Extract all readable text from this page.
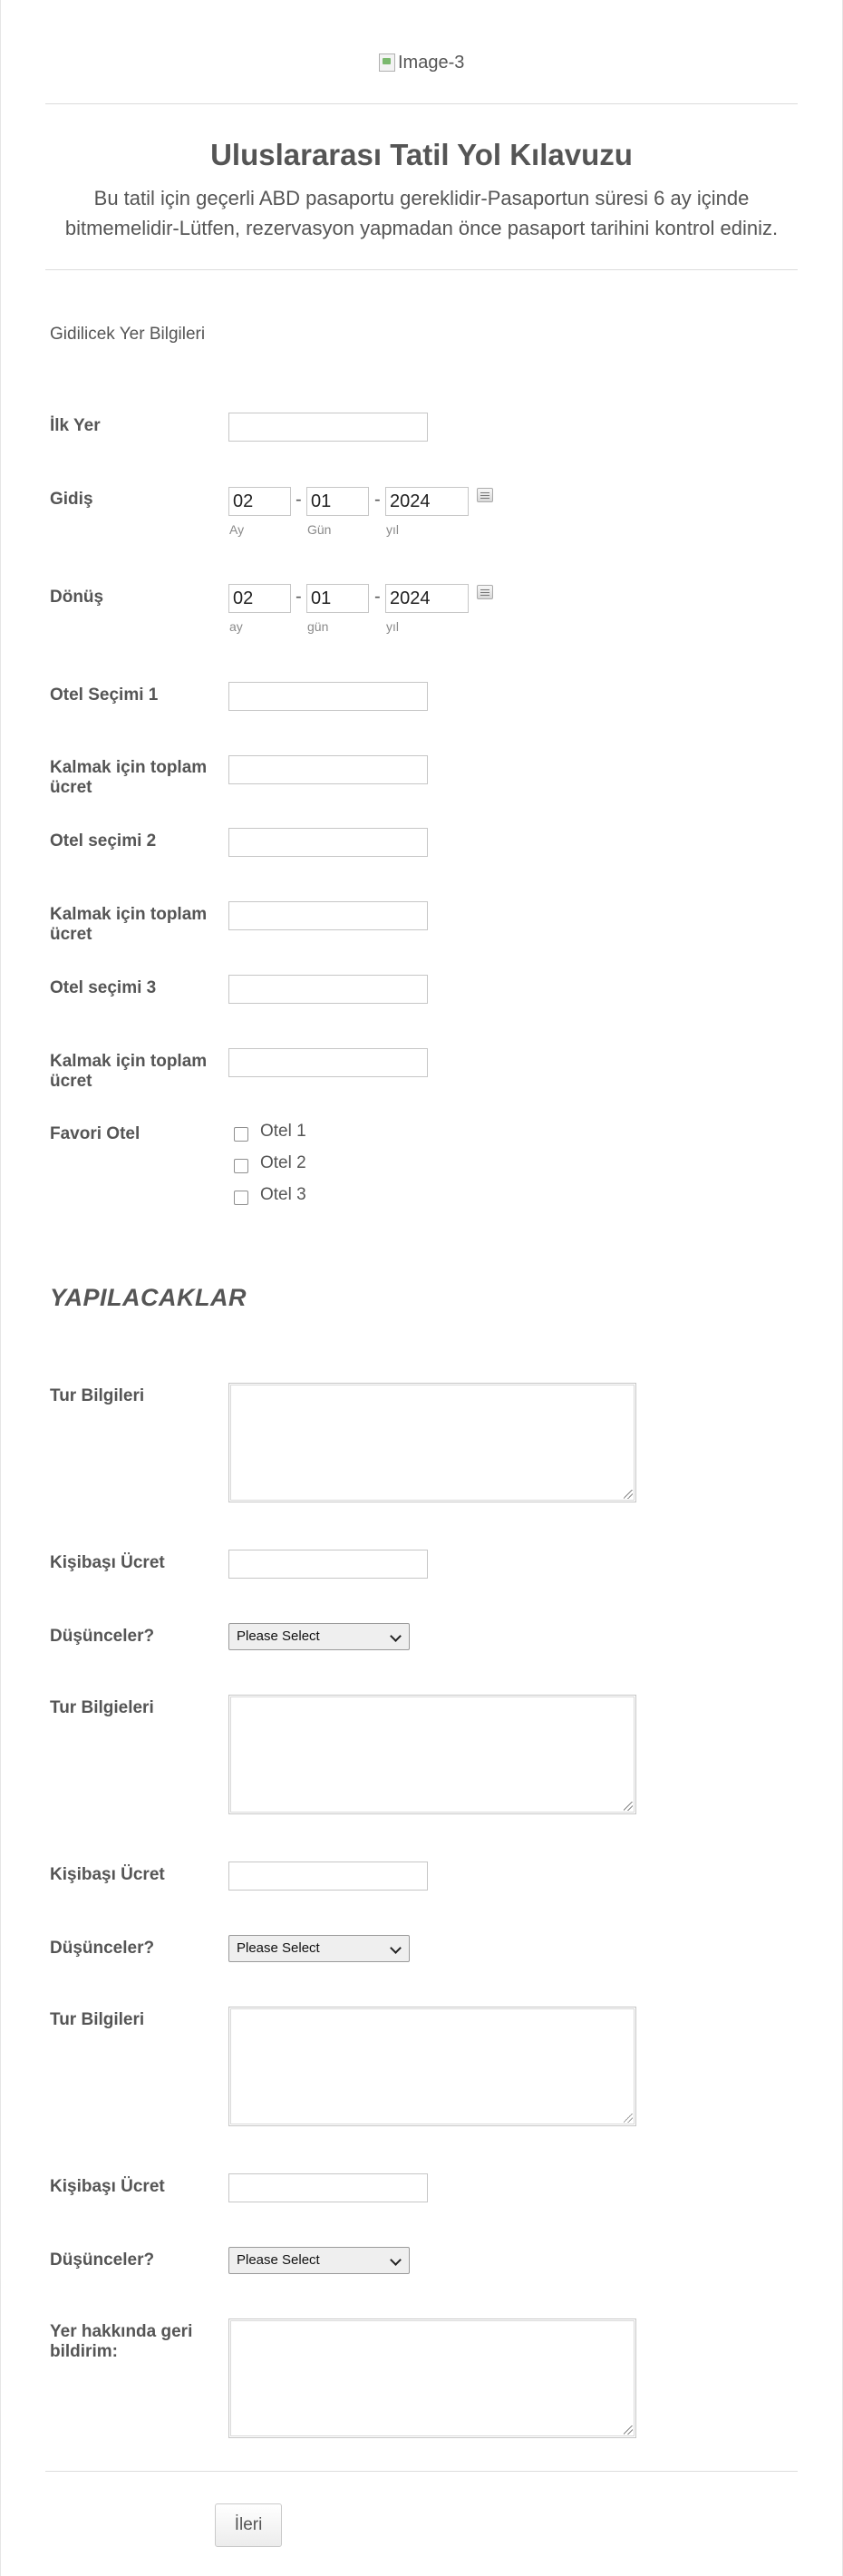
Image-3
Uluslararası Tatil Yol Kılavuzu
Bu tatil için geçerli ABD pasaportu gereklidir-Pasaportun süresi 6 ay içinde bitmemelidir-Lütfen, rezervasyon yapmadan önce pasaport tarihini kontrol ediniz.
Gidilicek Yer Bilgileri
İlk Yer
Gidiş	02	- 01	- 2024
Ay	Gün	yıl
Dönüş	02	- 01	- 2024
ay	gün	yıl
Otel Seçimi 1
Kalmak için toplam ücret
Otel seçimi 2
Kalmak için toplam ücret
Otel seçimi 3
Kalmak için toplam ücret
Favori Otel	Otel 1
Otel 2
Otel 3
YAPILACAKLAR
Tur Bilgileri
Kişibaşı Ücret
Düşünceler?	Please Select
Tur Bilgieleri
Kişibaşı Ücret
Düşünceler?	Please Select
Tur Bilgileri
Kişibaşı Ücret
Düşünceler?	Please Select
Yer hakkında geri bildirim:
İleri
